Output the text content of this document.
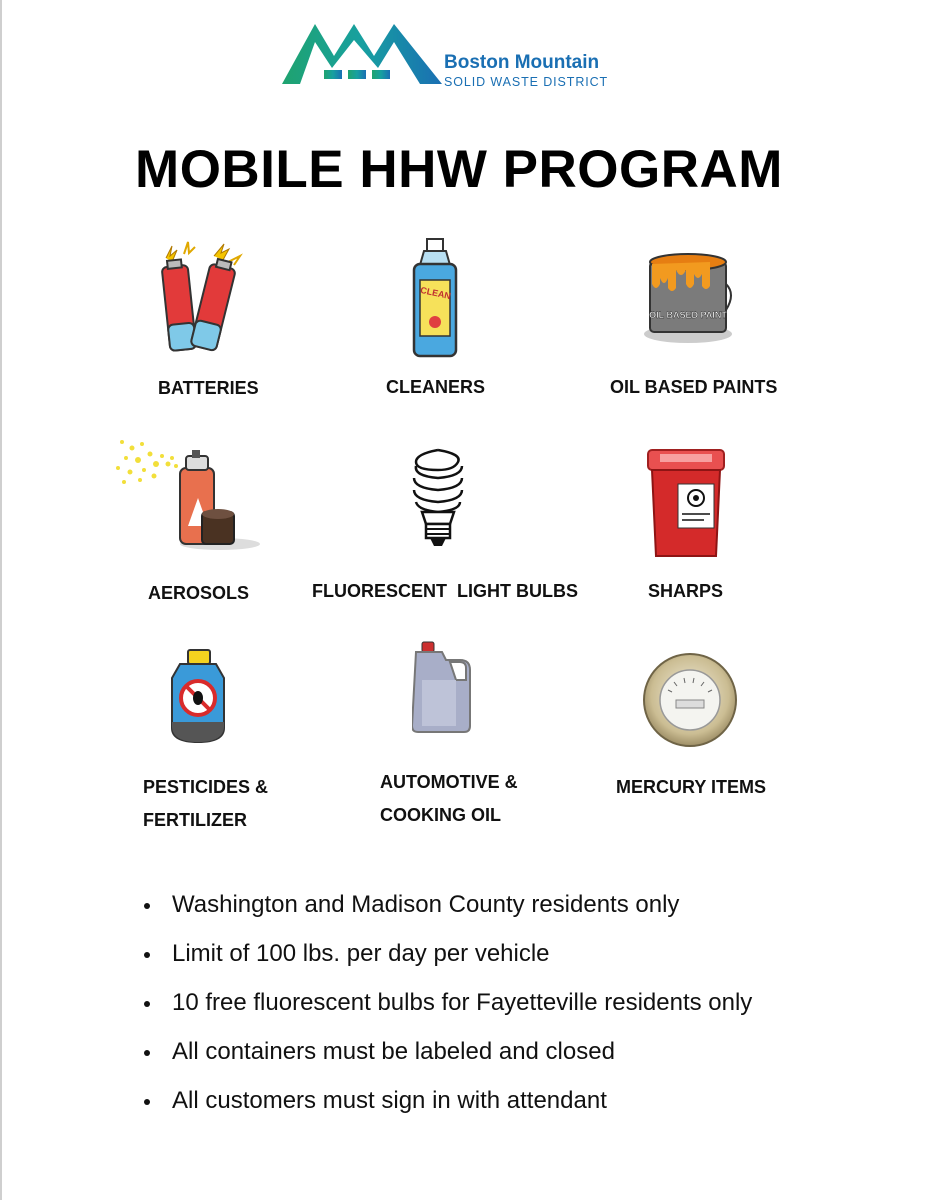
Boston Mountain
SOLID WASTE DISTRICT
MOBILE HHW PROGRAM
CLEAN
OIL BASED PAINT
BATTERIES	CLEANERS	OIL BASED PAINTS
AEROSOLS	FLUORESCENT  LIGHT BULBS	SHARPS
PESTICIDES &
FERTILIZER
AUTOMOTIVE &
COOKING OIL
MERCURY ITEMS
Washington and Madison County residents only
Limit of 100 lbs. per day per vehicle
10 free fluorescent bulbs for Fayetteville residents only
All containers must be labeled and closed
All customers must sign in with attendant
